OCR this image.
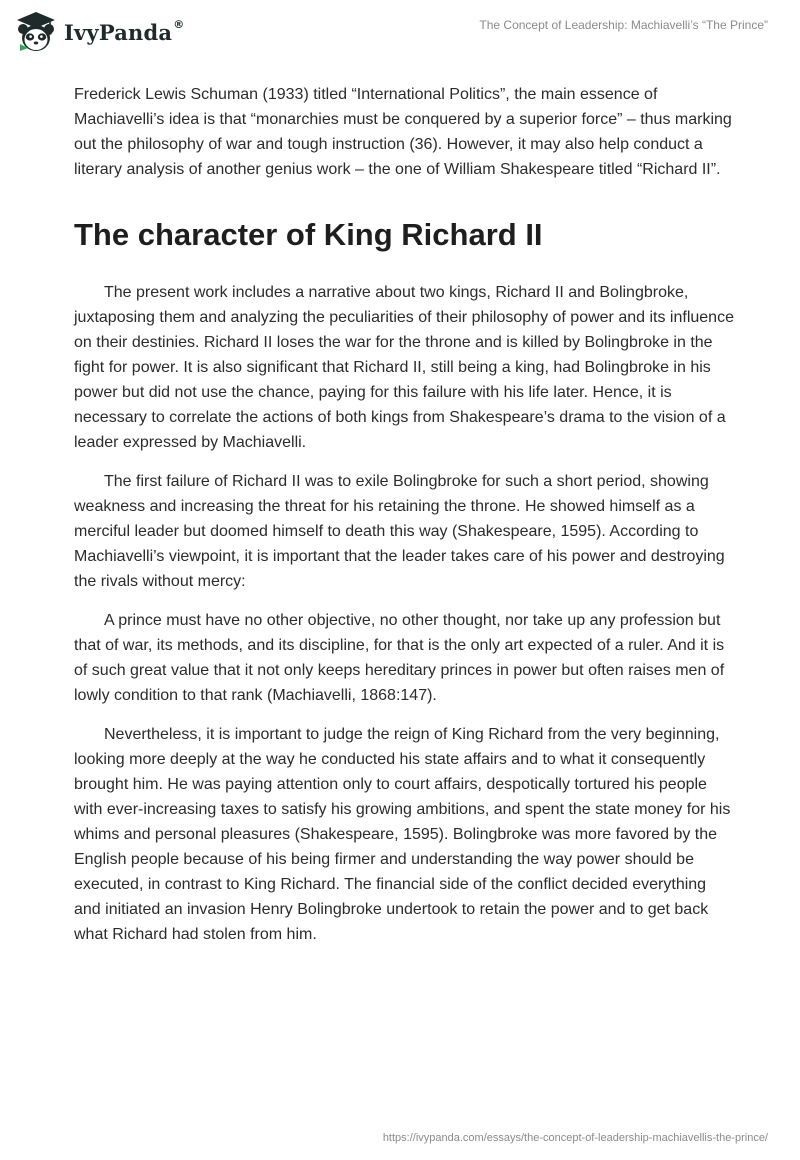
IvyPanda®	The Concept of Leadership: Machiavelli’s “The Prince”

Frederick Lewis Schuman (1933) titled “International Politics”, the main essence of Machiavelli’s idea is that “monarchies must be conquered by a superior force” – thus marking out the philosophy of war and tough instruction (36). However, it may also help conduct a literary analysis of another genius work – the one of William Shakespeare titled “Richard II”.

The character of King Richard II

The present work includes a narrative about two kings, Richard II and Bolingbroke, juxtaposing them and analyzing the peculiarities of their philosophy of power and its influence on their destinies. Richard II loses the war for the throne and is killed by Bolingbroke in the fight for power. It is also significant that Richard II, still being a king, had Bolingbroke in his power but did not use the chance, paying for this failure with his life later. Hence, it is necessary to correlate the actions of both kings from Shakespeare’s drama to the vision of a leader expressed by Machiavelli.

The first failure of Richard II was to exile Bolingbroke for such a short period, showing weakness and increasing the threat for his retaining the throne. He showed himself as a merciful leader but doomed himself to death this way (Shakespeare, 1595). According to Machiavelli’s viewpoint, it is important that the leader takes care of his power and destroying the rivals without mercy:

A prince must have no other objective, no other thought, nor take up any profession but that of war, its methods, and its discipline, for that is the only art expected of a ruler. And it is of such great value that it not only keeps hereditary princes in power but often raises men of lowly condition to that rank (Machiavelli, 1868:147).

Nevertheless, it is important to judge the reign of King Richard from the very beginning, looking more deeply at the way he conducted his state affairs and to what it consequently brought him. He was paying attention only to court affairs, despotically tortured his people with ever-increasing taxes to satisfy his growing ambitions, and spent the state money for his whims and personal pleasures (Shakespeare, 1595). Bolingbroke was more favored by the English people because of his being firmer and understanding the way power should be executed, in contrast to King Richard. The financial side of the conflict decided everything and initiated an invasion Henry Bolingbroke undertook to retain the power and to get back what Richard had stolen from him.

https://ivypanda.com/essays/the-concept-of-leadership-machiavellis-the-prince/
